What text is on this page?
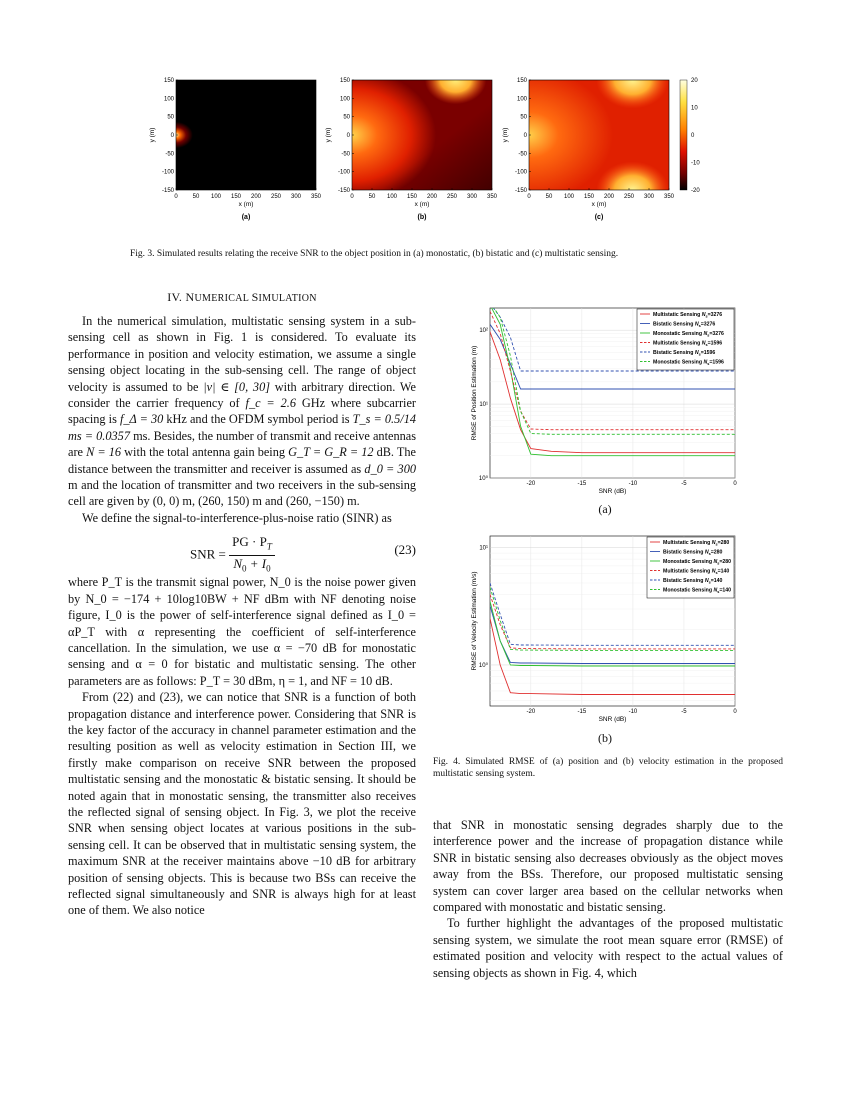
0 50 100 150 200 250 300 350
150
100
50
0
-50
-100
-150
x (m)
y (m)
(a)
0 50 100 150 200 250 300 350
150
100
50
0
-50
-100
-150
x (m)
y (m)
(b)
0 50 100 150 200 250 300 350
150
100
50
0
-50
-100
-150
x (m)
y (m)
(c)
20
10
0
-10
-20
Fig. 3. Simulated results relating the receive SNR to the object position in (a) monostatic, (b) bistatic and (c) multistatic sensing.
IV. NUMERICAL SIMULATION

In the numerical simulation, multistatic sensing system in a sub-sensing cell as shown in Fig. 1 is considered. To evaluate its performance in position and velocity estimation, we assume a single sensing object locating in the sub-sensing cell. The range of object velocity is assumed to be |v| ∈ [0, 30] with arbitrary direction. We consider the carrier frequency of f_c = 2.6 GHz where subcarrier spacing is f_Δ = 30 kHz and the OFDM symbol period is T_s = 0.5/14 ms = 0.0357 ms. Besides, the number of transmit and receive antennas are N = 16 with the total antenna gain being G_T = G_R = 12 dB. The distance between the transmitter and receiver is assumed as d_0 = 300 m and the location of transmitter and two receivers in the sub-sensing cell are given by (0, 0) m, (260, 150) m and (260, −150) m.

We define the signal-to-interference-plus-noise ratio (SINR) as

SNR = $\frac{PG \cdot P_T}{N_0 + I_0}$	(23)

where P_T is the transmit signal power, N_0 is the noise power given by N_0 = −174 + 10log10BW + NF dBm with NF denoting noise figure, I_0 is the power of self-interference signal defined as I_0 = αP_T with α representing the coefficient of self-interference cancellation. In the simulation, we use α = −70 dB for monostatic sensing and α = 0 for bistatic and multistatic sensing. The other parameters are as follows: P_T = 30 dBm, η = 1, and NF = 10 dB.

From (22) and (23), we can notice that SNR is a function of both propagation distance and interference power. Considering that SNR is the key factor of the accuracy in channel parameter estimation and the resulting position as well as velocity estimation in Section III, we firstly make comparison on receive SNR between the proposed multistatic sensing and the monostatic & bistatic sensing. It should be noted again that in monostatic sensing, the transmitter also receives the reflected signal of sensing object. In Fig. 3, we plot the receive SNR when sensing object locates at various positions in the sub-sensing cell. It can be observed that in multistatic sensing system, the maximum SNR at the receiver maintains above −10 dB for arbitrary position of sensing objects. This is because two BSs can receive the reflected signal simultaneously and SNR is always high for at least one of them. We also notice

-20	-15	-10	-5	0
10²
10¹
10⁰
SNR (dB)
RMSE of Position Estimation (m)
Multistatic Sensing $N_s=3276$
Bistatic Sensing $N_s=3276$
Monostatic Sensing $N_s=3276$
Multistatic Sensing $N_s=1596$
Bistatic Sensing $N_s=1596$
Monostatic Sensing $N_s=1596$
(a)
-20	-15	-10	-5	0
10¹
10⁰
SNR (dB)
RMSE of Velocity Estimation (m/s)
Multistatic Sensing $N_s=280$
Bistatic Sensing $N_s=280$
Monostatic Sensing $N_s=280$
Multistatic Sensing $N_s=140$
Bistatic Sensing $N_s=140$
Monostatic Sensing $N_s=140$
(b)
Fig. 4. Simulated RMSE of (a) position and (b) velocity estimation in the proposed multistatic sensing system.

that SNR in monostatic sensing degrades sharply due to the interference power and the increase of propagation distance while SNR in bistatic sensing also decreases obviously as the object moves away from the BSs. Therefore, our proposed multistatic sensing system can cover larger area based on the cellular networks when compared with monostatic and bistatic sensing.

To further highlight the advantages of the proposed multistatic sensing system, we simulate the root mean square error (RMSE) of estimated position and velocity with respect to the actual values of sensing objects as shown in Fig. 4, which
